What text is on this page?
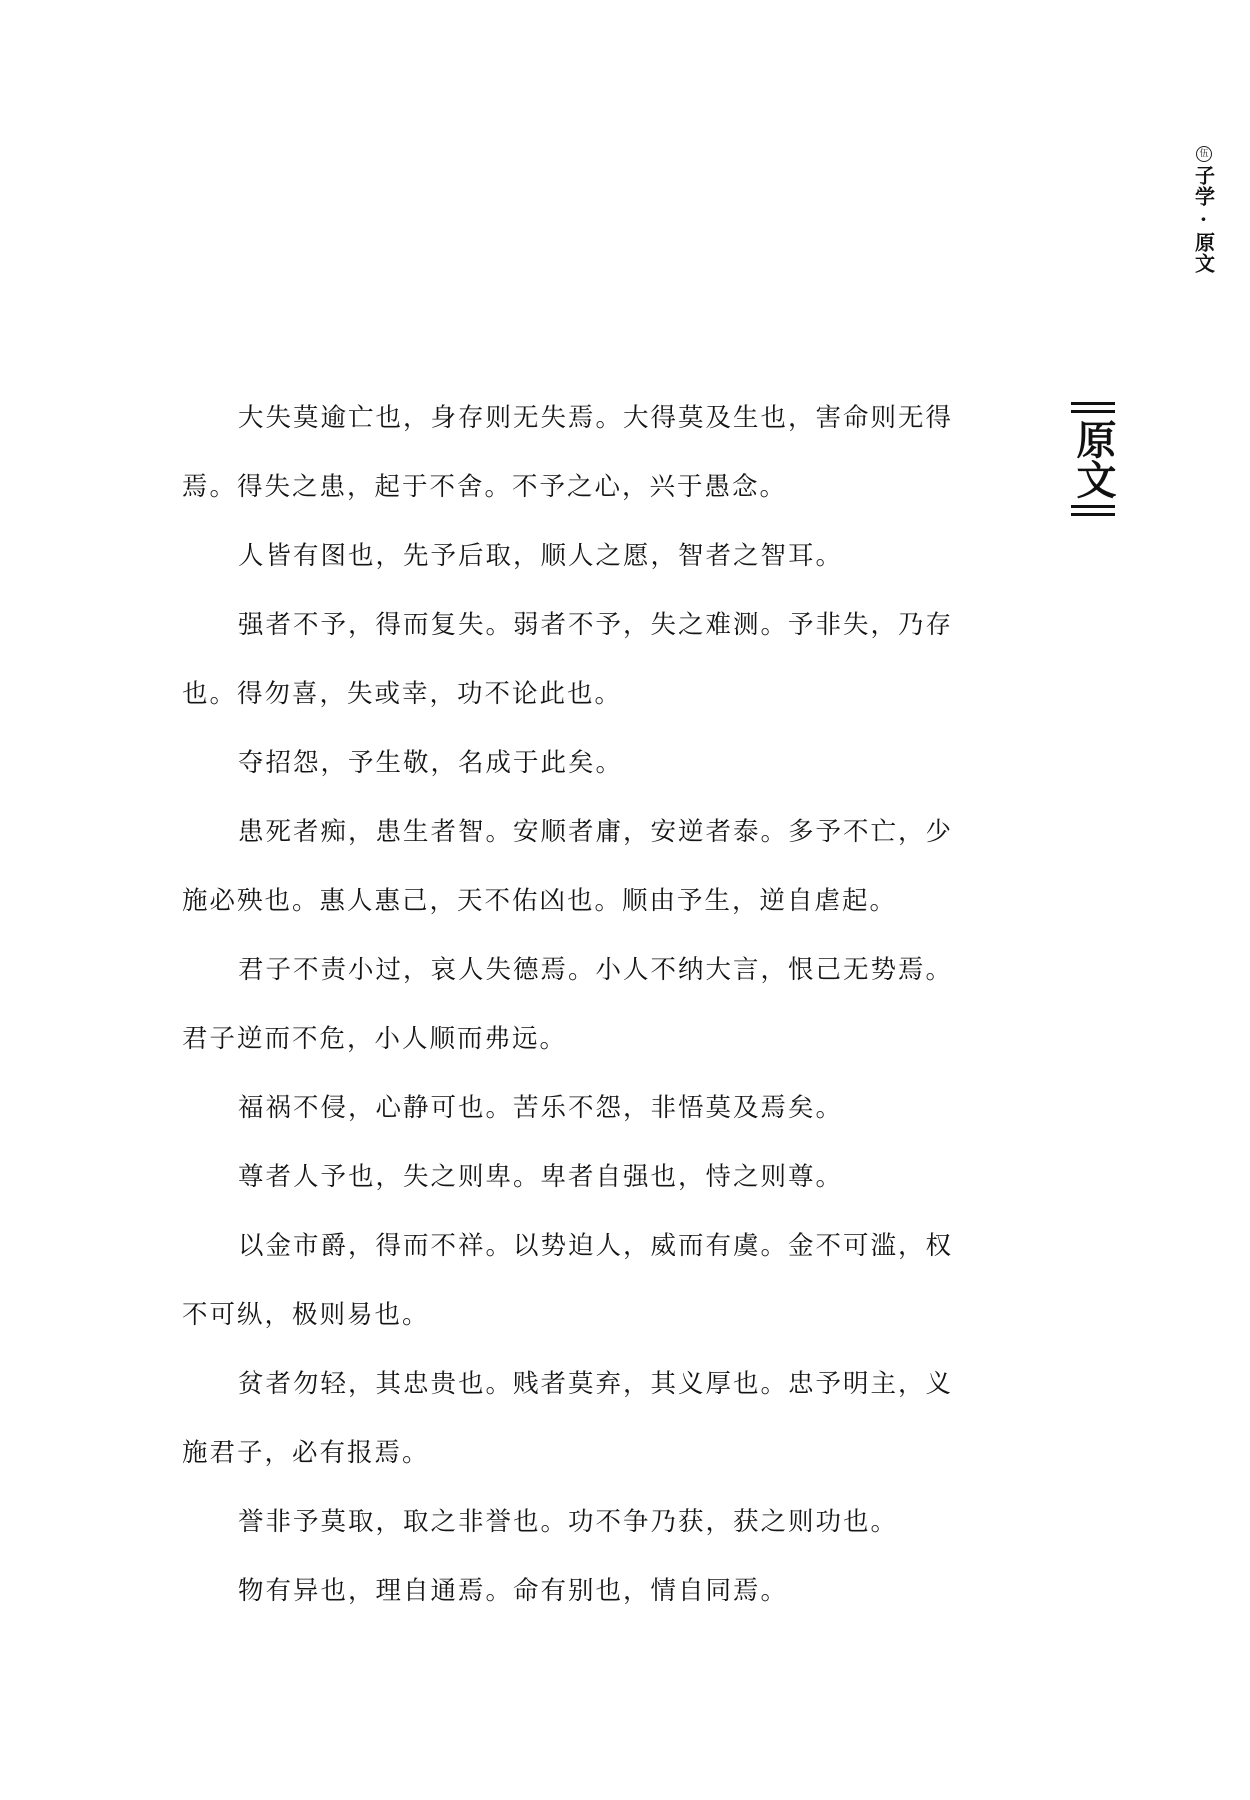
伍
子学·原文
原文

大失莫逾亡也，身存则无失焉。大得莫及生也，害命则无得焉。得失之患，起于不舍。不予之心，兴于愚念。

人皆有图也，先予后取，顺人之愿，智者之智耳。

强者不予，得而复失。弱者不予，失之难测。予非失，乃存也。得勿喜，失或幸，功不论此也。

夺招怨，予生敬，名成于此矣。

患死者痴，患生者智。安顺者庸，安逆者泰。多予不亡，少施必殃也。惠人惠己，天不佑凶也。顺由予生，逆自虐起。

君子不责小过，哀人失德焉。小人不纳大言，恨己无势焉。君子逆而不危，小人顺而弗远。

福祸不侵，心静可也。苦乐不怨，非悟莫及焉矣。

尊者人予也，失之则卑。卑者自强也，恃之则尊。

以金市爵，得而不祥。以势迫人，威而有虞。金不可滥，权不可纵，极则易也。

贫者勿轻，其忠贵也。贱者莫弃，其义厚也。忠予明主，义施君子，必有报焉。

誉非予莫取，取之非誉也。功不争乃获，获之则功也。

物有异也，理自通焉。命有别也，情自同焉。
